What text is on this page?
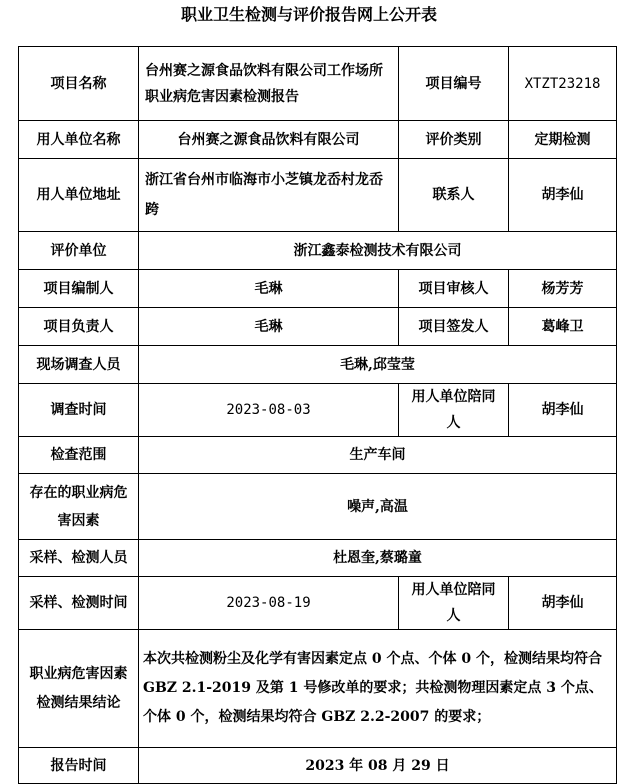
职业卫生检测与评价报告网上公开表
项目名称	台州赛之源食品饮料有限公司工作场所职业病危害因素检测报告	项目编号	XTZT23218
用人单位名称	台州赛之源食品饮料有限公司	评价类别	定期检测
用人单位地址	浙江省台州市临海市小芝镇龙岙村龙岙跨	联系人	胡李仙
评价单位	浙江鑫泰检测技术有限公司		
项目编制人	毛琳	项目审核人	杨芳芳
项目负责人	毛琳	项目签发人	葛峰卫
现场调查人员	毛琳,邱莹莹		
调查时间	2023-08-03	用人单位陪同人	胡李仙
检查范围	生产车间		
存在的职业病危害因素	噪声,高温		
采样、检测人员	杜恩奎,蔡璐童		
采样、检测时间	2023-08-19	用人单位陪同人	胡李仙
职业病危害因素检测结果结论	本次共检测粉尘及化学有害因素定点 0 个点、个体 0 个，检测结果均符合 GBZ 2.1-2019 及第 1 号修改单的要求；共检测物理因素定点 3 个点、个体 0 个，检测结果均符合 GBZ 2.2-2007 的要求；		
报告时间	2023 年 08 月 29 日		
